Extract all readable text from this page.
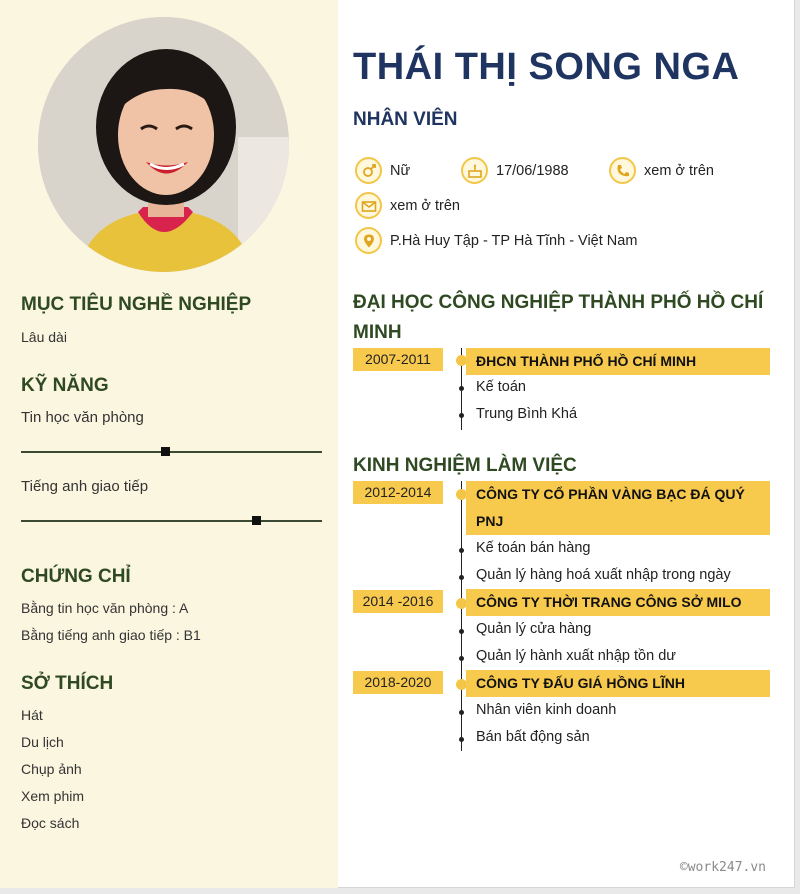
MỤC TIÊU NGHỀ NGHIỆP
Lâu dài
KỸ NĂNG
Tin học văn phòng
Tiếng anh giao tiếp
CHỨNG CHỈ
Bằng tin học văn phòng : A
Bằng tiếng anh giao tiếp : B1
SỞ THÍCH
Hát
Du lịch
Chụp ảnh
Xem phim
Đọc sách
THÁI THỊ SONG NGA
NHÂN VIÊN
Nữ	17/06/1988	xem ở trên
xem ở trên
P.Hà Huy Tập - TP Hà Tĩnh - Việt Nam
ĐẠI HỌC CÔNG NGHIỆP THÀNH PHỐ HỒ CHÍ
MINH
2007-2011	ĐHCN THÀNH PHỐ HỒ CHÍ MINH
Kế toán
Trung Bình Khá
KINH NGHIỆM LÀM VIỆC
2012-2014	CÔNG TY CỔ PHẦN VÀNG BẠC ĐÁ QUÝ
PNJ
Kế toán bán hàng
Quản lý hàng hoá xuất nhập trong ngày
2014 -2016	CÔNG TY THỜI TRANG CÔNG SỞ MILO
Quản lý cửa hàng
Quản lý hành xuất nhập tồn dư
2018-2020	CÔNG TY ĐẤU GIÁ HỒNG LĨNH
Nhân viên kinh doanh
Bán bất động sản
©work247.vn
